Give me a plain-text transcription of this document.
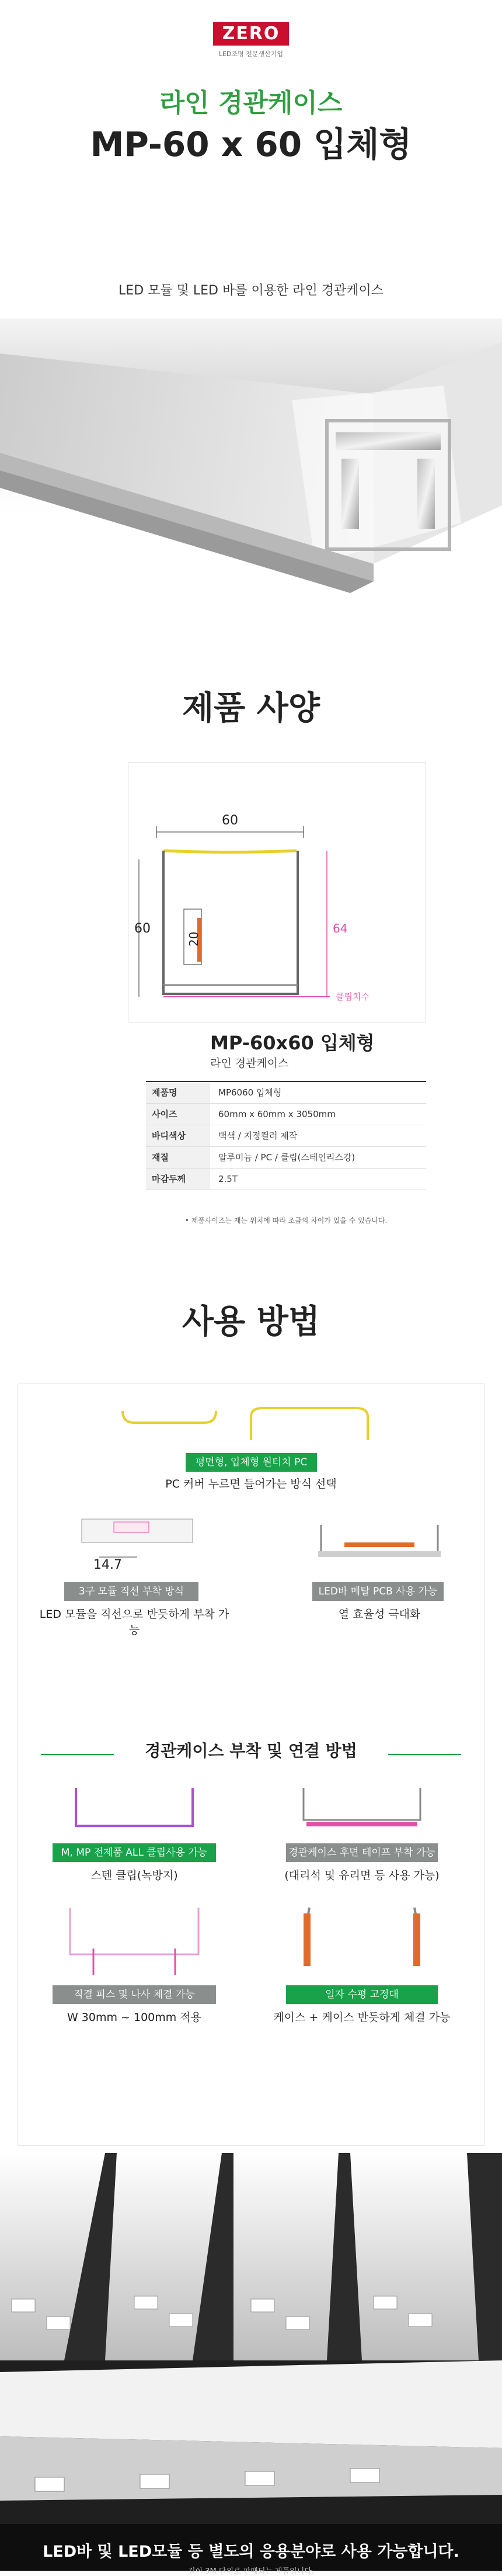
ZERO
LED조명 전문생산기업
라인 경관케이스
MP-60 x 60 입체형
LED 모듈 및 LED 바를 이용한 라인 경관케이스
제품 사양
60
60
20
64
클립치수
MP-60x60 입체형
라인 경관케이스
제품명	MP6060 입체형
사이즈	60mm x 60mm x 3050mm
바디색상	백색 / 지정컬러 제작
재질	알루미늄 / PC / 클립(스테인리스강)
마감두께	2.5T
• 제품사이즈는 재는 위치에 따라 조금의 차이가 있을 수 있습니다.
사용 방법
평면형, 입체형 원터치 PC
PC 커버 누르면 들어가는 방식 선택
14.7
3구 모듈 직선 부착 방식
LED 모듈을 직선으로 반듯하게 부착 가능
LED바 메탈 PCB 사용 가능
열 효율성 극대화
경관케이스 부착 및 연결 방법
M, MP 전제품 ALL 클립사용 가능
스텐 클립(녹방지)
경관케이스 후면 테이프 부착 가능
(대리석 및 유리면 등 사용 가능)
직결 피스 및 나사 체결 가능
W 30mm ~ 100mm 적용
일자 수평 고정대
케이스 + 케이스 반듯하게 체결 가능
LED바 및 LED모듈 등 별도의 응용분야로 사용 가능합니다.
길이 3M 단위로 판매되는 제품입니다.
